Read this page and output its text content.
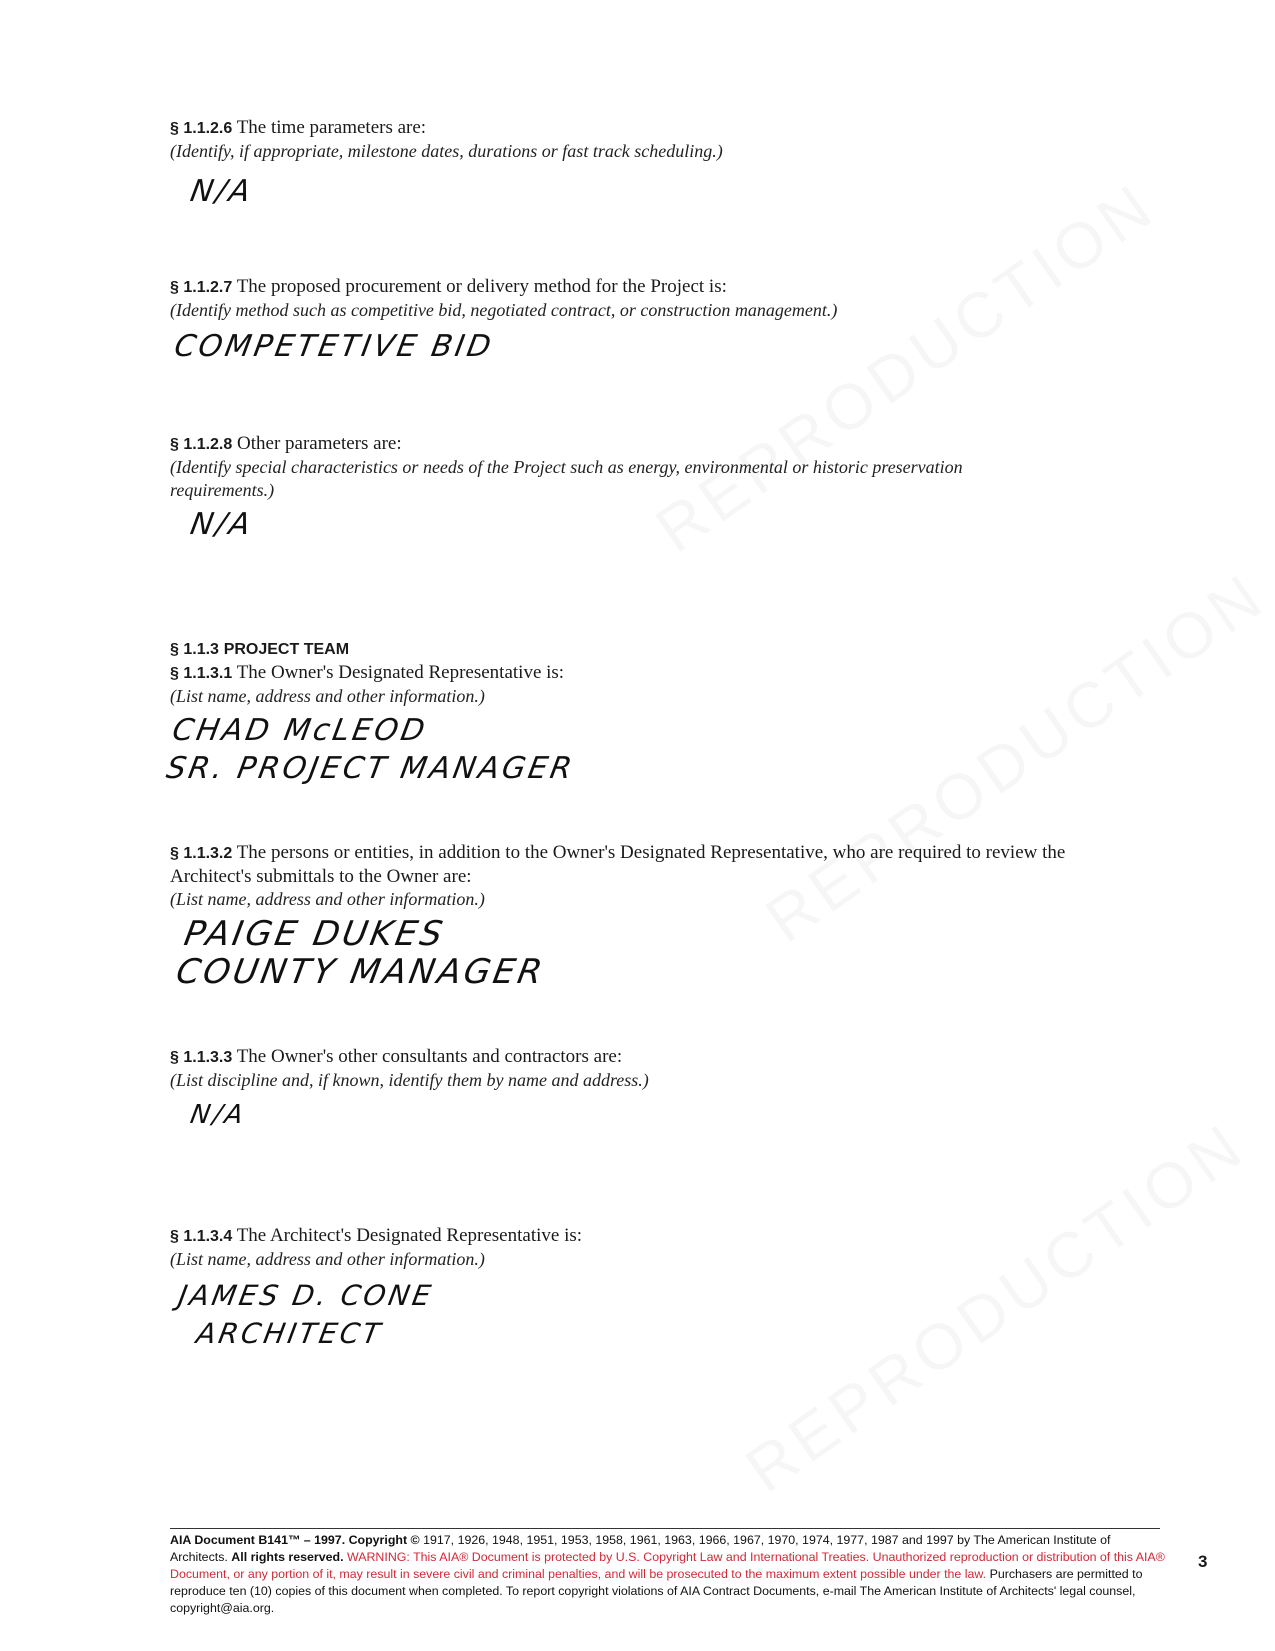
§ 1.1.2.6 The time parameters are:
(Identify, if appropriate, milestone dates, durations or fast track scheduling.)
N/A
§ 1.1.2.7 The proposed procurement or delivery method for the Project is:
(Identify method such as competitive bid, negotiated contract, or construction management.)
COMPETETIVE BID
§ 1.1.2.8 Other parameters are:
(Identify special characteristics or needs of the Project such as energy, environmental or historic preservation requirements.)
N/A
§ 1.1.3 PROJECT TEAM
§ 1.1.3.1 The Owner's Designated Representative is:
(List name, address and other information.)
CHAD McLEOD
SR. PROJECT MANAGER
§ 1.1.3.2 The persons or entities, in addition to the Owner's Designated Representative, who are required to review the Architect's submittals to the Owner are:
(List name, address and other information.)
PAIGE DUKES
COUNTY MANAGER
§ 1.1.3.3 The Owner's other consultants and contractors are:
(List discipline and, if known, identify them by name and address.)
N/A
§ 1.1.3.4 The Architect's Designated Representative is:
(List name, address and other information.)
JAMES D. CONE
ARCHITECT
AIA Document B141™ – 1997. Copyright © 1917, 1926, 1948, 1951, 1953, 1958, 1961, 1963, 1966, 1967, 1970, 1974, 1977, 1987 and 1997 by The American Institute of Architects. All rights reserved. WARNING: This AIA® Document is protected by U.S. Copyright Law and International Treaties. Unauthorized reproduction or distribution of this AIA® Document, or any portion of it, may result in severe civil and criminal penalties, and will be prosecuted to the maximum extent possible under the law. Purchasers are permitted to reproduce ten (10) copies of this document when completed. To report copyright violations of AIA Contract Documents, e-mail The American Institute of Architects' legal counsel, copyright@aia.org.
3
